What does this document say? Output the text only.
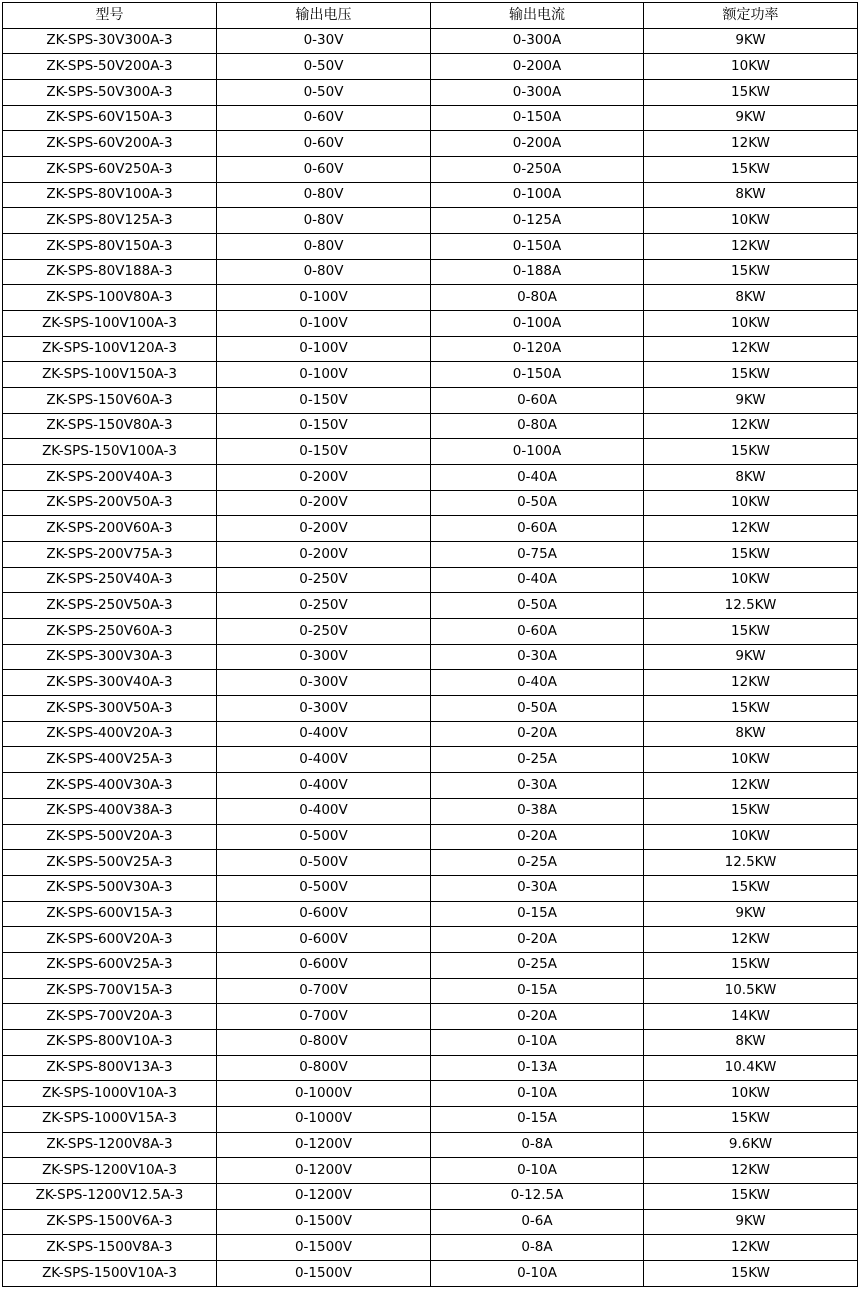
型号	输出电压	输出电流	额定功率
ZK-SPS-30V300A-3	0-30V	0-300A	9KW
ZK-SPS-50V200A-3	0-50V	0-200A	10KW
ZK-SPS-50V300A-3	0-50V	0-300A	15KW
ZK-SPS-60V150A-3	0-60V	0-150A	9KW
ZK-SPS-60V200A-3	0-60V	0-200A	12KW
ZK-SPS-60V250A-3	0-60V	0-250A	15KW
ZK-SPS-80V100A-3	0-80V	0-100A	8KW
ZK-SPS-80V125A-3	0-80V	0-125A	10KW
ZK-SPS-80V150A-3	0-80V	0-150A	12KW
ZK-SPS-80V188A-3	0-80V	0-188A	15KW
ZK-SPS-100V80A-3	0-100V	0-80A	8KW
ZK-SPS-100V100A-3	0-100V	0-100A	10KW
ZK-SPS-100V120A-3	0-100V	0-120A	12KW
ZK-SPS-100V150A-3	0-100V	0-150A	15KW
ZK-SPS-150V60A-3	0-150V	0-60A	9KW
ZK-SPS-150V80A-3	0-150V	0-80A	12KW
ZK-SPS-150V100A-3	0-150V	0-100A	15KW
ZK-SPS-200V40A-3	0-200V	0-40A	8KW
ZK-SPS-200V50A-3	0-200V	0-50A	10KW
ZK-SPS-200V60A-3	0-200V	0-60A	12KW
ZK-SPS-200V75A-3	0-200V	0-75A	15KW
ZK-SPS-250V40A-3	0-250V	0-40A	10KW
ZK-SPS-250V50A-3	0-250V	0-50A	12.5KW
ZK-SPS-250V60A-3	0-250V	0-60A	15KW
ZK-SPS-300V30A-3	0-300V	0-30A	9KW
ZK-SPS-300V40A-3	0-300V	0-40A	12KW
ZK-SPS-300V50A-3	0-300V	0-50A	15KW
ZK-SPS-400V20A-3	0-400V	0-20A	8KW
ZK-SPS-400V25A-3	0-400V	0-25A	10KW
ZK-SPS-400V30A-3	0-400V	0-30A	12KW
ZK-SPS-400V38A-3	0-400V	0-38A	15KW
ZK-SPS-500V20A-3	0-500V	0-20A	10KW
ZK-SPS-500V25A-3	0-500V	0-25A	12.5KW
ZK-SPS-500V30A-3	0-500V	0-30A	15KW
ZK-SPS-600V15A-3	0-600V	0-15A	9KW
ZK-SPS-600V20A-3	0-600V	0-20A	12KW
ZK-SPS-600V25A-3	0-600V	0-25A	15KW
ZK-SPS-700V15A-3	0-700V	0-15A	10.5KW
ZK-SPS-700V20A-3	0-700V	0-20A	14KW
ZK-SPS-800V10A-3	0-800V	0-10A	8KW
ZK-SPS-800V13A-3	0-800V	0-13A	10.4KW
ZK-SPS-1000V10A-3	0-1000V	0-10A	10KW
ZK-SPS-1000V15A-3	0-1000V	0-15A	15KW
ZK-SPS-1200V8A-3	0-1200V	0-8A	9.6KW
ZK-SPS-1200V10A-3	0-1200V	0-10A	12KW
ZK-SPS-1200V12.5A-3	0-1200V	0-12.5A	15KW
ZK-SPS-1500V6A-3	0-1500V	0-6A	9KW
ZK-SPS-1500V8A-3	0-1500V	0-8A	12KW
ZK-SPS-1500V10A-3	0-1500V	0-10A	15KW
